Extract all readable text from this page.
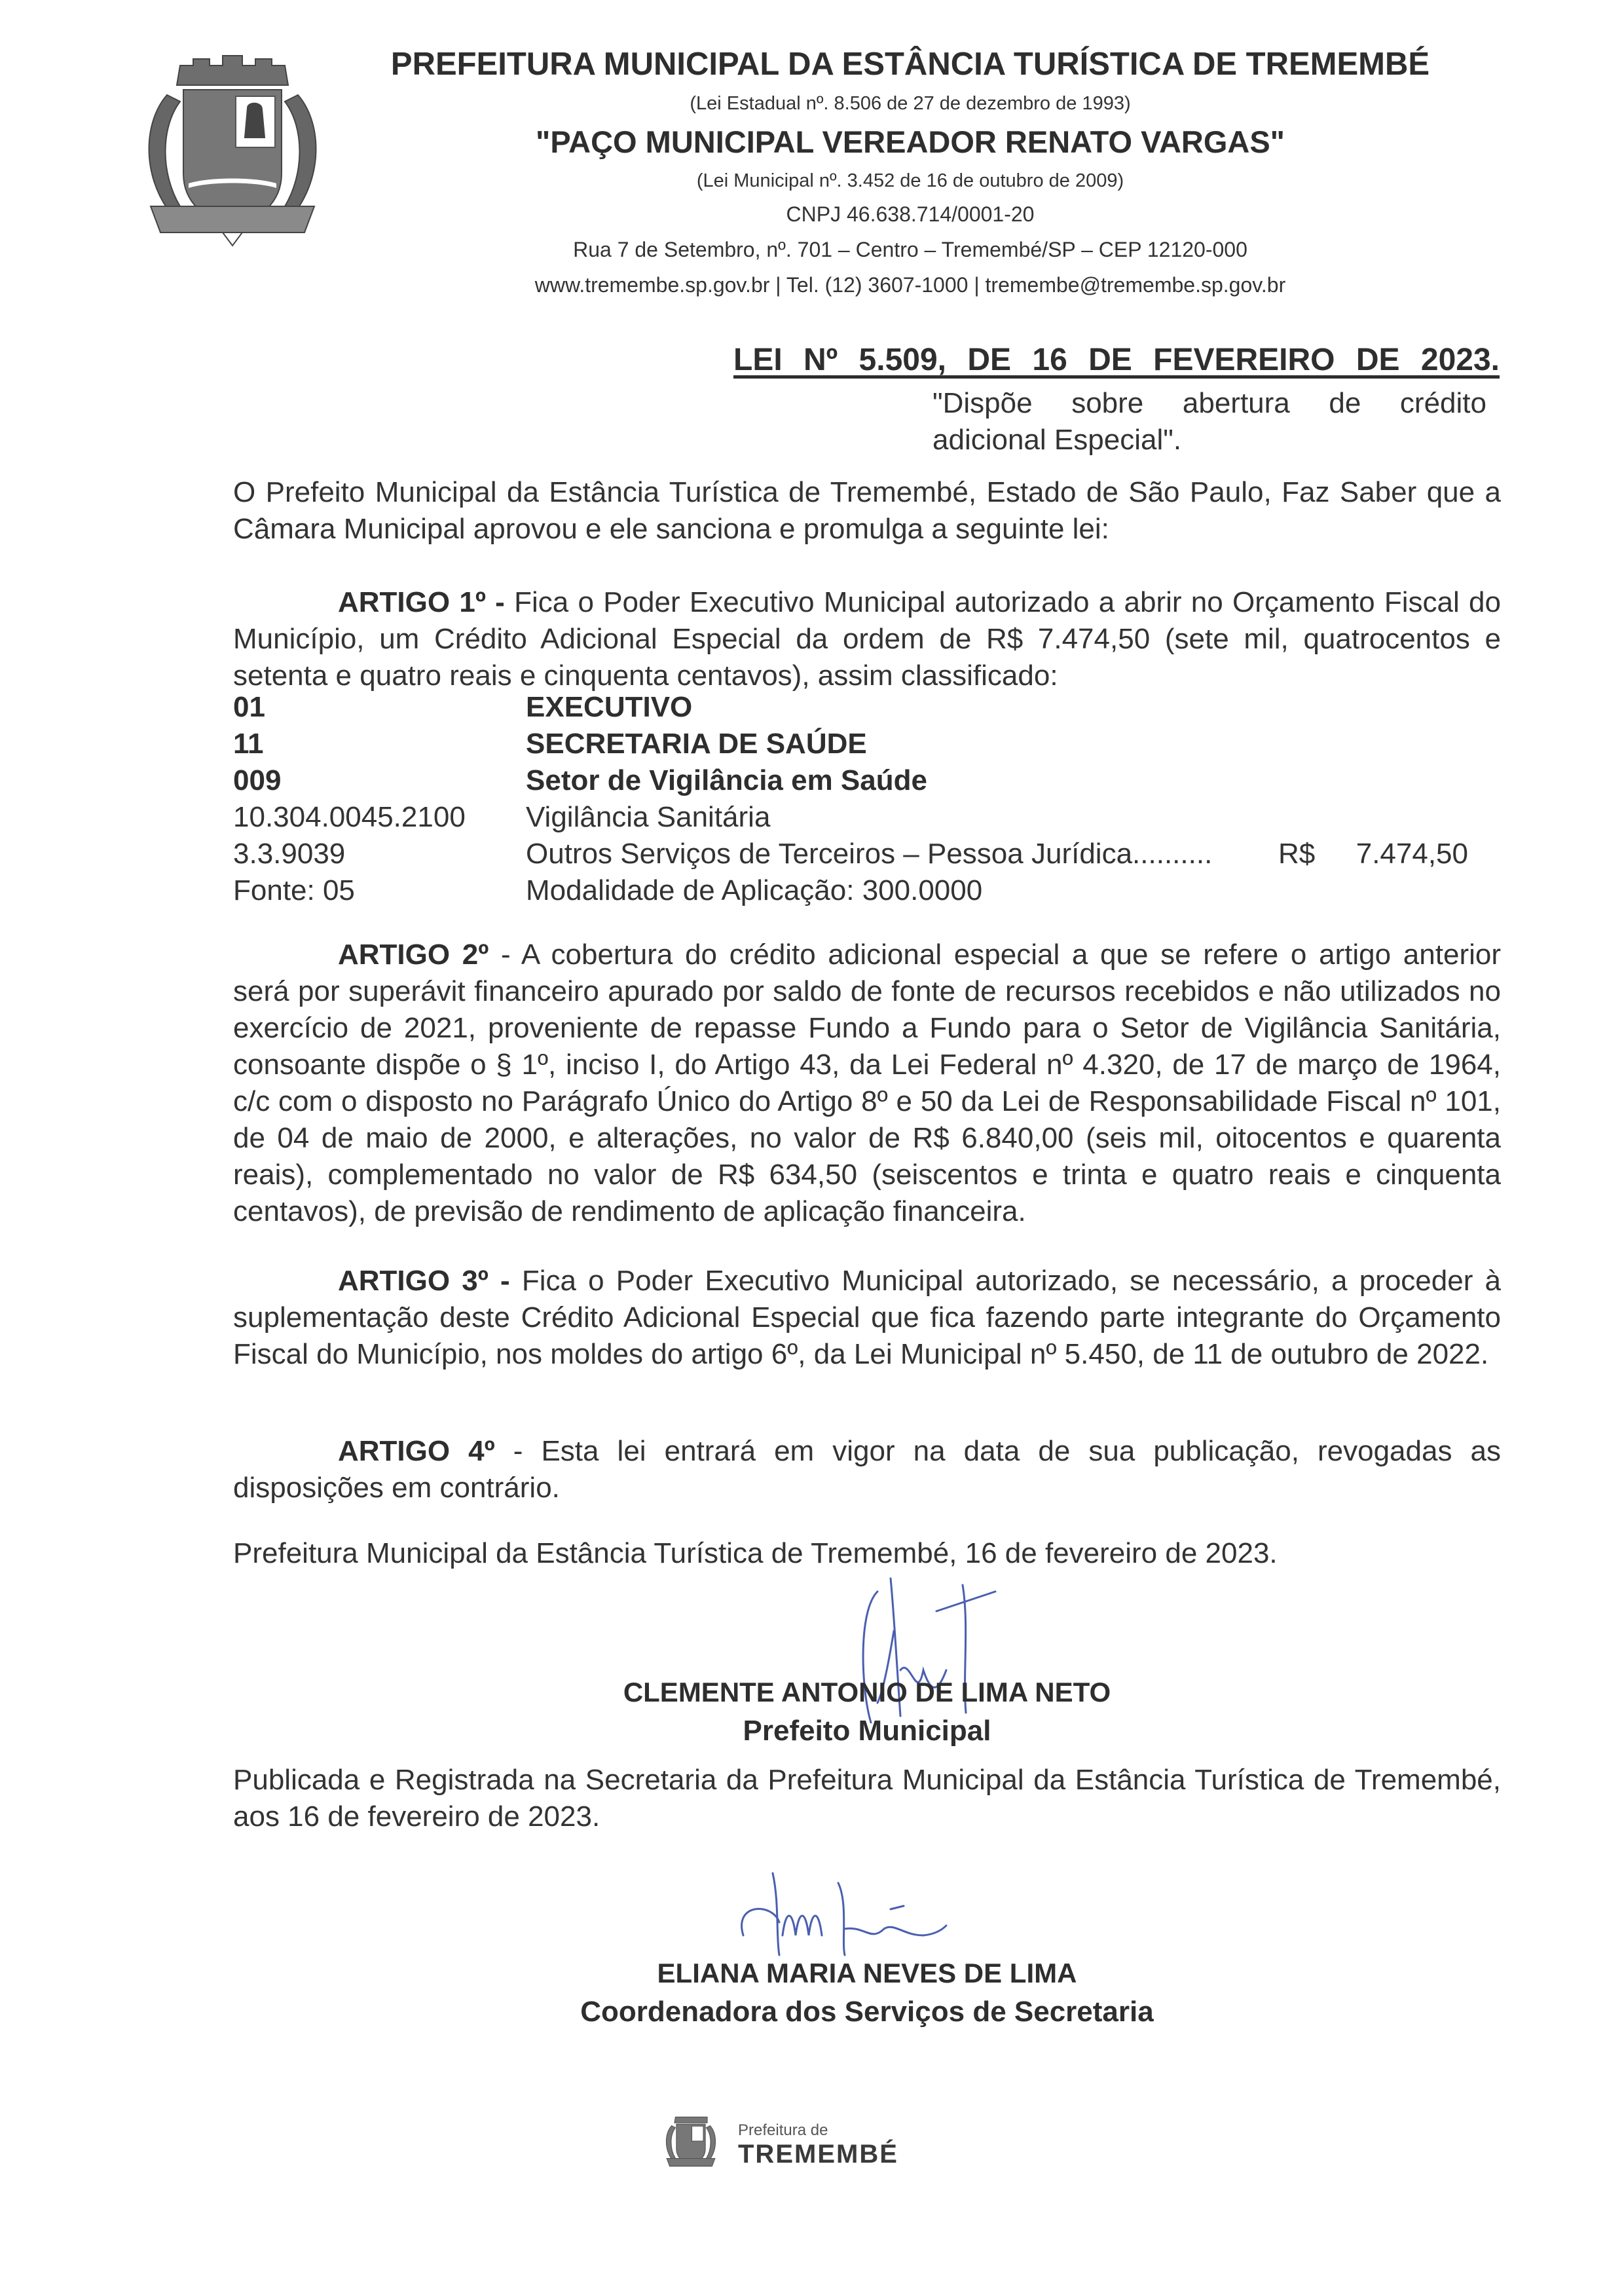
PREFEITURA MUNICIPAL DA ESTÂNCIA TURÍSTICA DE TREMEMBÉ

(Lei Estadual nº. 8.506 de 27 de dezembro de 1993)

"PAÇO MUNICIPAL VEREADOR RENATO VARGAS"

(Lei Municipal nº. 3.452 de 16 de outubro de 2009)

CNPJ 46.638.714/0001-20

Rua 7 de Setembro, nº. 701 – Centro – Tremembé/SP – CEP 12120-000

www.tremembe.sp.gov.br | Tel. (12) 3607-1000 | tremembe@tremembe.sp.gov.br

LEI Nº 5.509, DE 16 DE FEVEREIRO DE 2023.
"Dispõe sobre abertura de crédito
adicional Especial".
O Prefeito Municipal da Estância Turística de Tremembé, Estado de São Paulo, Faz Saber que a Câmara Municipal aprovou e ele sanciona e promulga a seguinte lei:
ARTIGO 1º - Fica o Poder Executivo Municipal autorizado a abrir no Orçamento Fiscal do Município, um Crédito Adicional Especial da ordem de R$ 7.474,50 (sete mil, quatrocentos e setenta e quatro reais e cinquenta centavos), assim classificado:
01	EXECUTIVO
11	SECRETARIA DE SAÚDE
009	Setor de Vigilância em Saúde
10.304.0045.2100	Vigilância Sanitária
3.3.9039	Outros Serviços de Terceiros – Pessoa Jurídica..........	R$ 7.474,50
Fonte: 05	Modalidade de Aplicação: 300.0000
ARTIGO 2º - A cobertura do crédito adicional especial a que se refere o artigo anterior será por superávit financeiro apurado por saldo de fonte de recursos recebidos e não utilizados no exercício de 2021, proveniente de repasse Fundo a Fundo para o Setor de Vigilância Sanitária, consoante dispõe o § 1º, inciso I, do Artigo 43, da Lei Federal nº 4.320, de 17 de março de 1964, c/c com o disposto no Parágrafo Único do Artigo 8º e 50 da Lei de Responsabilidade Fiscal nº 101, de 04 de maio de 2000, e alterações, no valor de R$ 6.840,00 (seis mil, oitocentos e quarenta reais), complementado no valor de R$ 634,50 (seiscentos e trinta e quatro reais e cinquenta centavos), de previsão de rendimento de aplicação financeira.
ARTIGO 3º - Fica o Poder Executivo Municipal autorizado, se necessário, a proceder à suplementação deste Crédito Adicional Especial que fica fazendo parte integrante do Orçamento Fiscal do Município, nos moldes do artigo 6º, da Lei Municipal nº 5.450, de 11 de outubro de 2022.
ARTIGO 4º - Esta lei entrará em vigor na data de sua publicação, revogadas as disposições em contrário.
Prefeitura Municipal da Estância Turística de Tremembé, 16 de fevereiro de 2023.
CLEMENTE ANTONIO DE LIMA NETO
Prefeito Municipal
Publicada e Registrada na Secretaria da Prefeitura Municipal da Estância Turística de Tremembé, aos 16 de fevereiro de 2023.
ELIANA MARIA NEVES DE LIMA
Coordenadora dos Serviços de Secretaria
Prefeitura de
TREMEMBÉ
